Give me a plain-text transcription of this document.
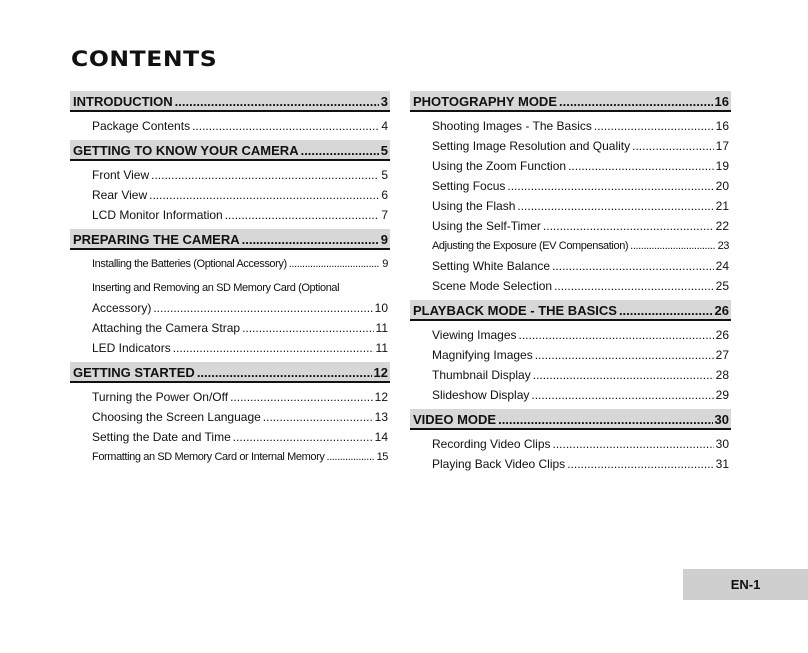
CONTENTS
INTRODUCTION .....	3
Package Contents .....	4
GETTING TO KNOW YOUR CAMERA .....	5
Front View .....	5
Rear View .....	6
LCD Monitor Information .....	7
PREPARING THE CAMERA .....	9
Installing the Batteries (Optional Accessory) .....	9
Inserting and Removing an SD Memory Card (Optional
Accessory) .....	10
Attaching the Camera Strap .....	11
LED Indicators .....	11
GETTING STARTED .....	12
Turning the Power On/Off .....	12
Choosing the Screen Language .....	13
Setting the Date and Time .....	14
Formatting an SD Memory Card or Internal Memory .....	15
PHOTOGRAPHY MODE .....	16
Shooting Images - The Basics .....	16
Setting Image Resolution and Quality .....	17
Using the Zoom Function .....	19
Setting Focus .....	20
Using the Flash .....	21
Using the Self-Timer .....	22
Adjusting the Exposure (EV Compensation) .....	23
Setting White Balance .....	24
Scene Mode Selection .....	25
PLAYBACK MODE - THE BASICS .....	26
Viewing Images .....	26
Magnifying Images .....	27
Thumbnail Display .....	28
Slideshow Display .....	29
VIDEO MODE .....	30
Recording Video Clips .....	30
Playing Back Video Clips .....	31
EN-1
